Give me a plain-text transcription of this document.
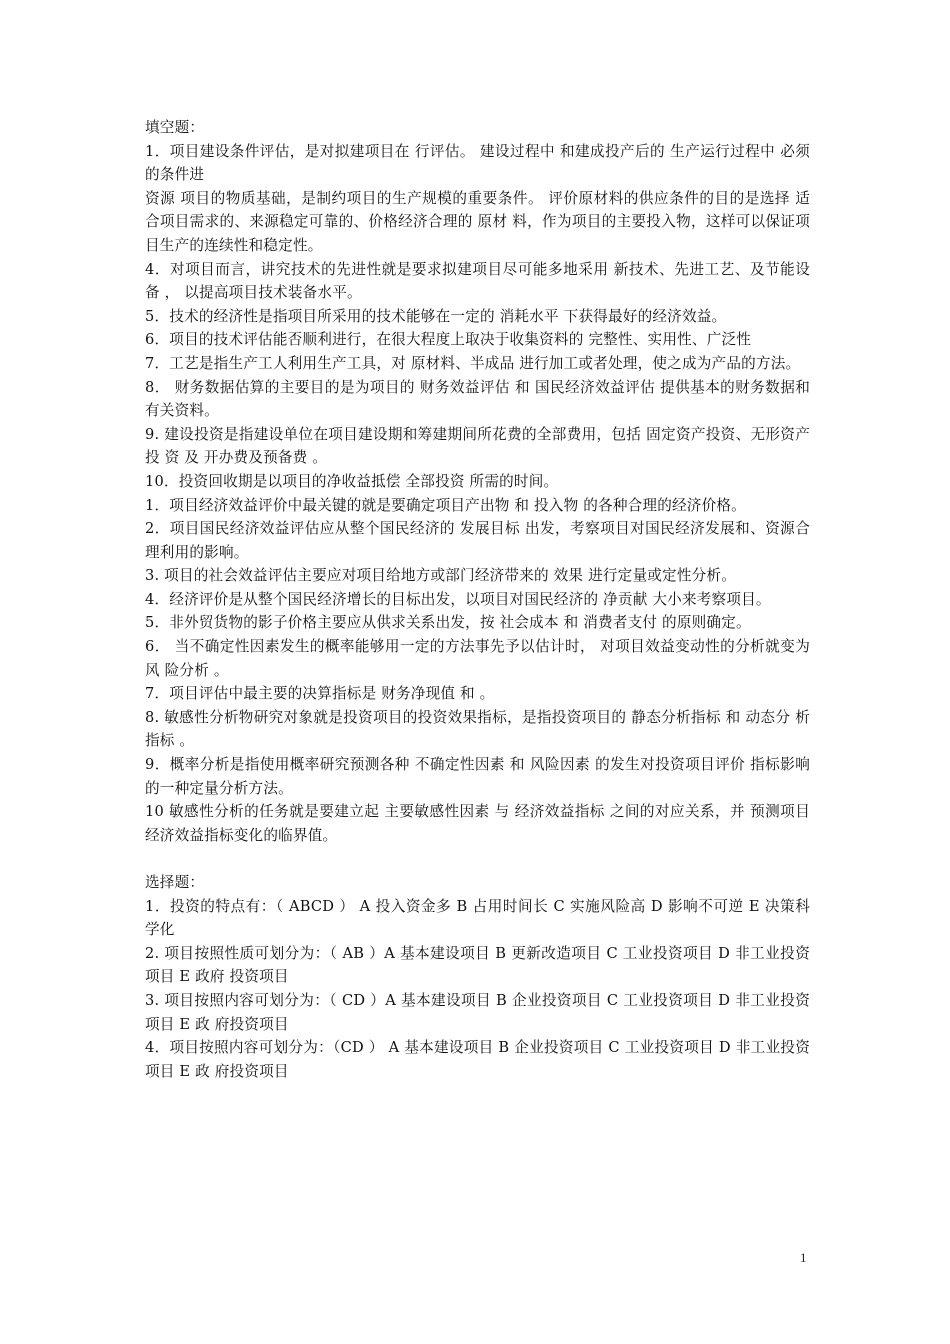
填空题：

1．项目建设条件评估，是对拟建项目在 行评估。 建设过程中 和建成投产后的 生产运行过程中 必须的条件进

资源 项目的物质基础，是制约项目的生产规模的重要条件。 评价原材料的供应条件的目的是选择 适合项目需求的、来源稳定可靠的、价格经济合理的 原材 料，作为项目的主要投入物，这样可以保证项目生产的连续性和稳定性。

4．对项目而言，讲究技术的先进性就是要求拟建项目尽可能多地采用 新技术、先进工艺、及节能设备 ， 以提高项目技术装备水平。

5．技术的经济性是指项目所采用的技术能够在一定的 消耗水平 下获得最好的经济效益。

6．项目的技术评估能否顺利进行，在很大程度上取决于收集资料的 完整性、实用性、广泛性

7．工艺是指生产工人利用生产工具，对 原材料、半成品 进行加工或者处理，使之成为产品的方法。

8． 财务数据估算的主要目的是为项目的 财务效益评估 和 国民经济效益评估 提供基本的财务数据和 有关资料。

9. 建设投资是指建设单位在项目建设期和筹建期间所花费的全部费用，包括 固定资产投资、无形资产投 资 及 开办费及预备费 。

10．投资回收期是以项目的净收益抵偿 全部投资 所需的时间。

1．项目经济效益评价中最关键的就是要确定项目产出物 和 投入物 的各种合理的经济价格。

2．项目国民经济效益评估应从整个国民经济的 发展目标 出发，考察项目对国民经济发展和、资源合 理利用的影响。

3. 项目的社会效益评估主要应对项目给地方或部门经济带来的 效果 进行定量或定性分析。

4．经济评价是从整个国民经济增长的目标出发，以项目对国民经济的 净贡献 大小来考察项目。

5．非外贸货物的影子价格主要应从供求关系出发，按 社会成本 和 消费者支付 的原则确定。

6． 当不确定性因素发生的概率能够用一定的方法事先予以估计时， 对项目效益变动性的分析就变为 风 险分析 。

7．项目评估中最主要的决算指标是 财务净现值 和 。

8. 敏感性分析物研究对象就是投资项目的投资效果指标，是指投资项目的 静态分析指标 和 动态分 析指标 。

9．概率分析是指使用概率研究预测各种 不确定性因素 和 风险因素 的发生对投资项目评价 指标影响的一种定量分析方法。

10 敏感性分析的任务就是要建立起 主要敏感性因素 与 经济效益指标 之间的对应关系，并 预测项目经济效益指标变化的临界值。

选择题：

1．投资的特点有：（ ABCD ） A 投入资金多 B 占用时间长 C 实施风险高 D 影响不可逆 E 决策科 学化

2. 项目按照性质可划分为：（ AB ）A 基本建设项目 B 更新改造项目 C 工业投资项目 D 非工业投资项目 E 政府 投资项目

3. 项目按照内容可划分为：（ CD ）A 基本建设项目 B 企业投资项目 C 工业投资项目 D 非工业投资项目 E 政 府投资项目

4．项目按照内容可划分为：（CD ） A 基本建设项目 B 企业投资项目 C 工业投资项目 D 非工业投资项目 E 政 府投资项目

1
